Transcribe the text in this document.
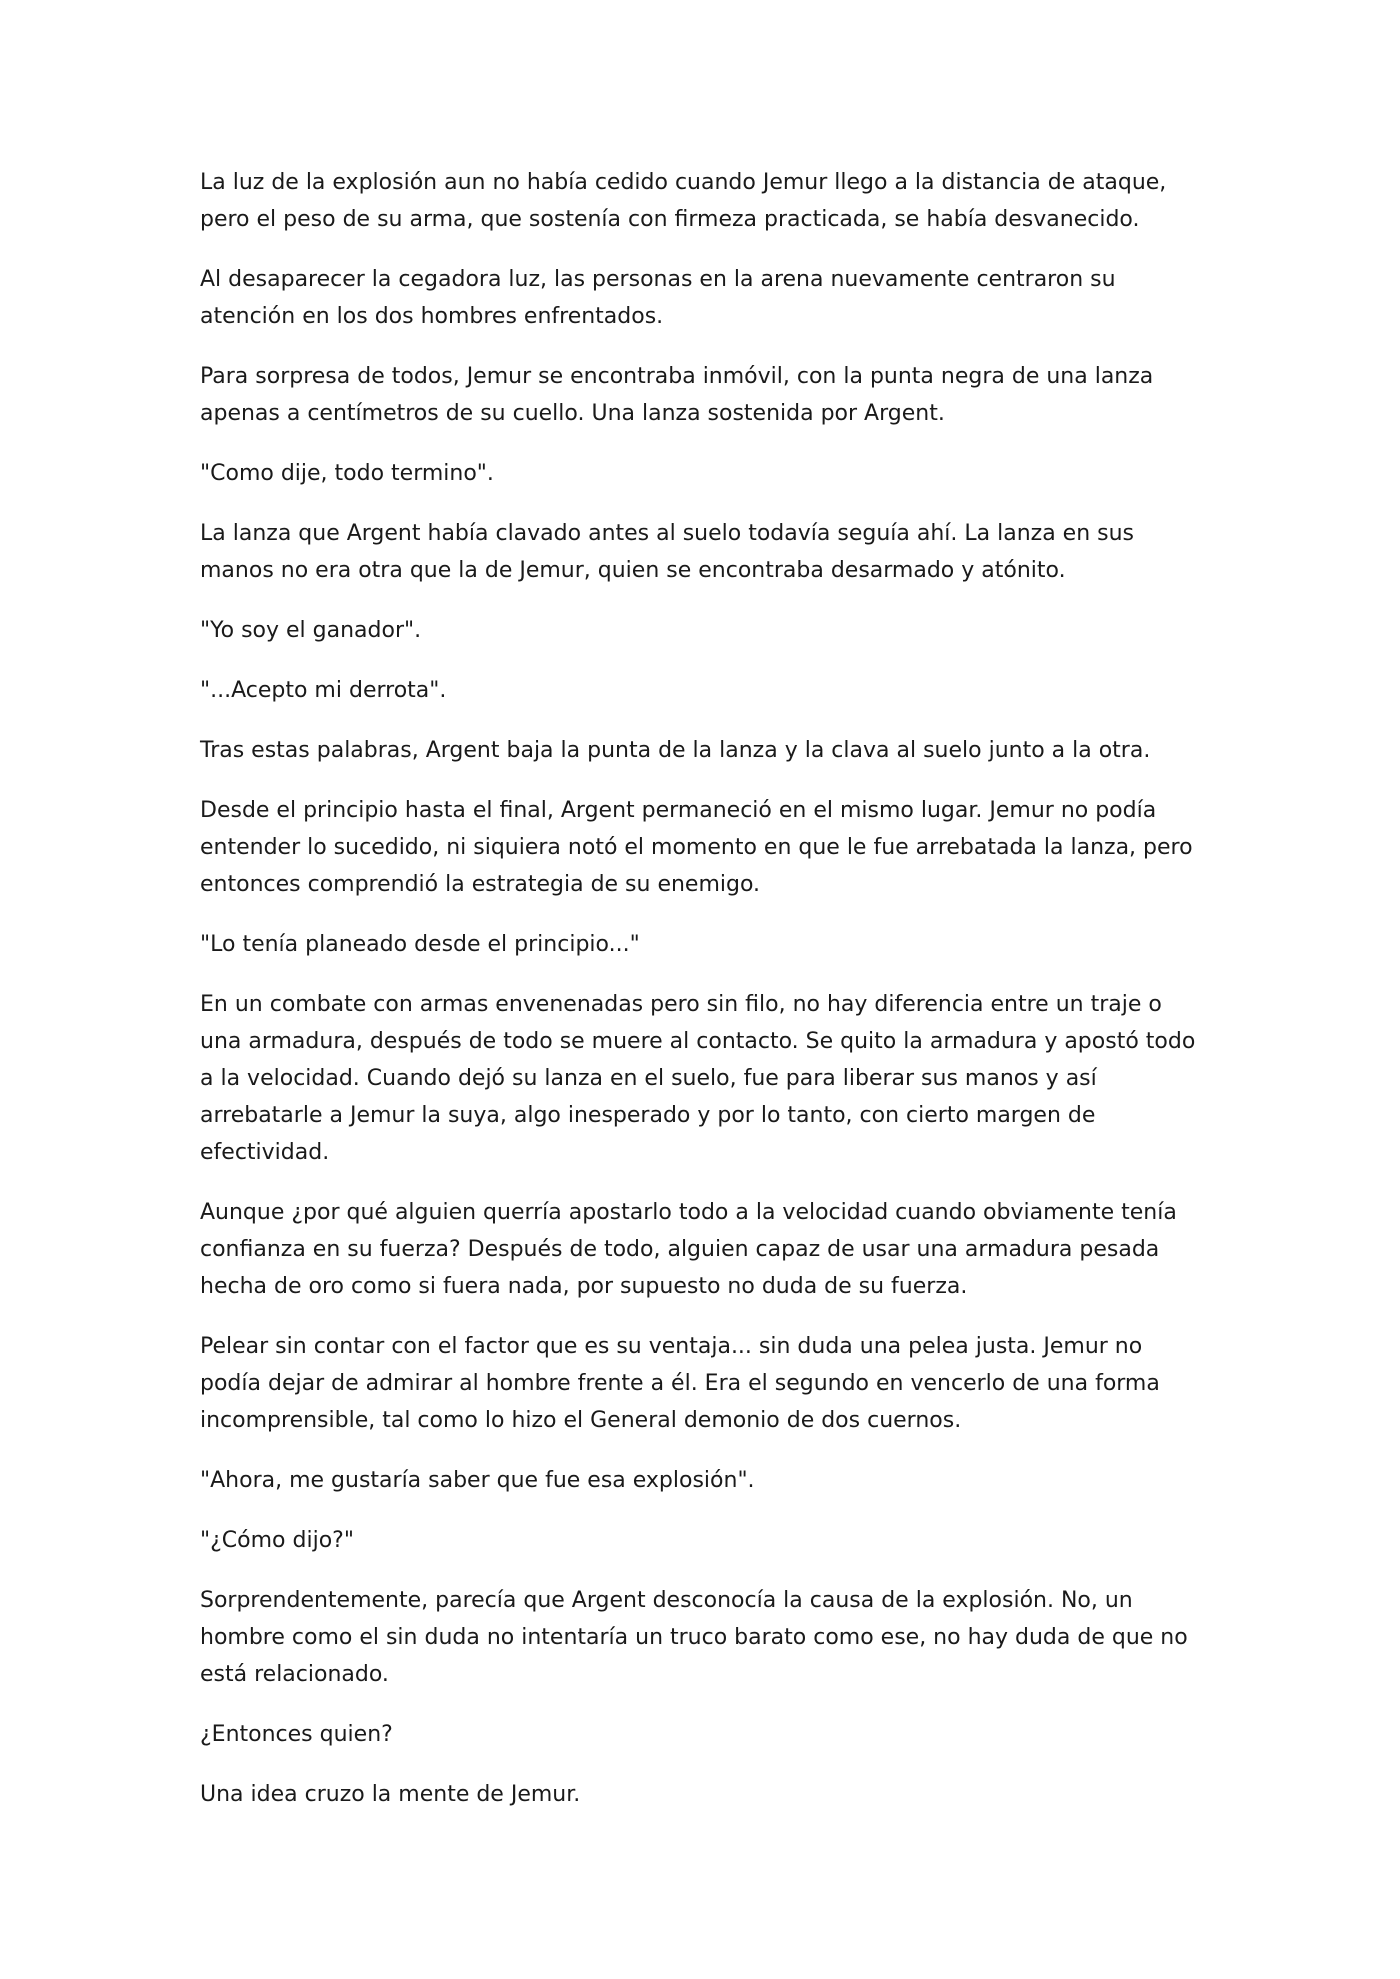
La luz de la explosión aun no había cedido cuando Jemur llego a la distancia de ataque, pero el peso de su arma, que sostenía con firmeza practicada, se había desvanecido.

Al desaparecer la cegadora luz, las personas en la arena nuevamente centraron su atención en los dos hombres enfrentados.

Para sorpresa de todos, Jemur se encontraba inmóvil, con la punta negra de una lanza apenas a centímetros de su cuello. Una lanza sostenida por Argent.

"Como dije, todo termino".

La lanza que Argent había clavado antes al suelo todavía seguía ahí. La lanza en sus manos no era otra que la de Jemur, quien se encontraba desarmado y atónito.

"Yo soy el ganador".

"...Acepto mi derrota".

Tras estas palabras, Argent baja la punta de la lanza y la clava al suelo junto a la otra.

Desde el principio hasta el final, Argent permaneció en el mismo lugar. Jemur no podía entender lo sucedido, ni siquiera notó el momento en que le fue arrebatada la lanza, pero entonces comprendió la estrategia de su enemigo.

"Lo tenía planeado desde el principio..."

En un combate con armas envenenadas pero sin filo, no hay diferencia entre un traje o una armadura, después de todo se muere al contacto. Se quito la armadura y apostó todo a la velocidad. Cuando dejó su lanza en el suelo, fue para liberar sus manos y así arrebatarle a Jemur la suya, algo inesperado y por lo tanto, con cierto margen de efectividad.

Aunque ¿por qué alguien querría apostarlo todo a la velocidad cuando obviamente tenía confianza en su fuerza? Después de todo, alguien capaz de usar una armadura pesada hecha de oro como si fuera nada, por supuesto no duda de su fuerza.

Pelear sin contar con el factor que es su ventaja... sin duda una pelea justa. Jemur no podía dejar de admirar al hombre frente a él. Era el segundo en vencerlo de una forma incomprensible, tal como lo hizo el General demonio de dos cuernos.

"Ahora, me gustaría saber que fue esa explosión".

"¿Cómo dijo?"

Sorprendentemente, parecía que Argent desconocía la causa de la explosión. No, un hombre como el sin duda no intentaría un truco barato como ese, no hay duda de que no está relacionado.

¿Entonces quien?

Una idea cruzo la mente de Jemur.
